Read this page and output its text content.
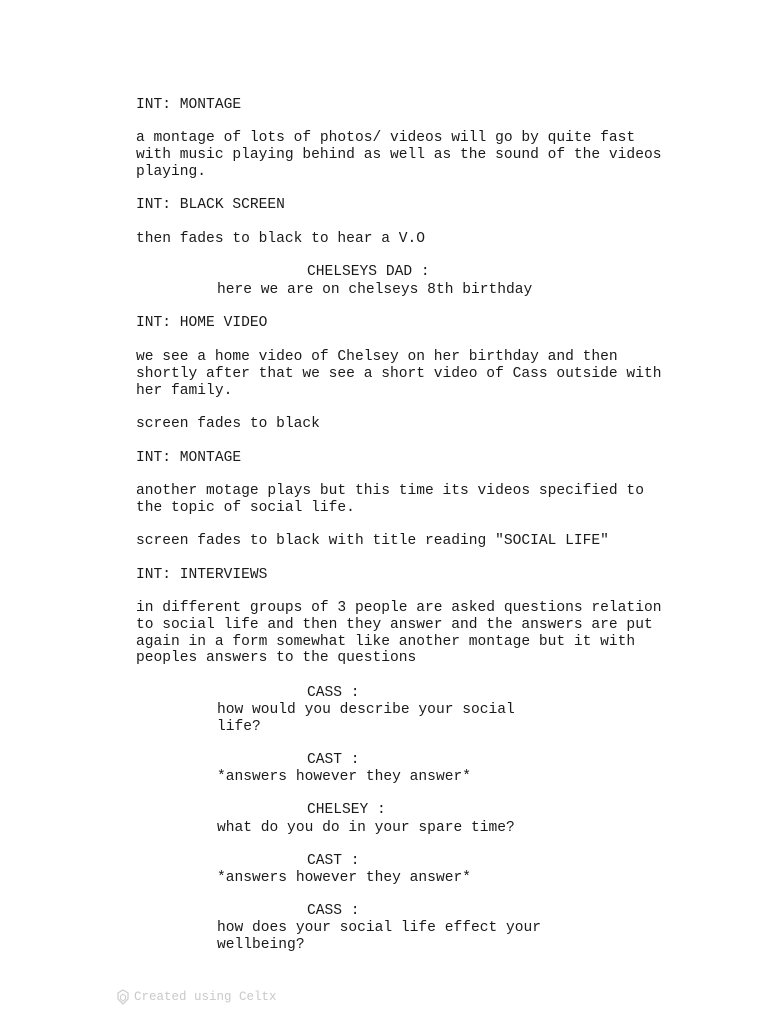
INT: MONTAGE

a montage of lots of photos/ videos will go by quite fast
with music playing behind as well as the sound of the videos
playing.

INT: BLACK SCREEN

then fades to black to hear a V.O

CHELSEYS DAD :

here we are on chelseys 8th birthday

INT: HOME VIDEO

we see a home video of Chelsey on her birthday and then
shortly after that we see a short video of Cass outside with
her family.

screen fades to black

INT: MONTAGE

another motage plays but this time its videos specified to
the topic of social life.

screen fades to black with title reading "SOCIAL LIFE"

INT: INTERVIEWS

in different groups of 3 people are asked questions relation
to social life and then they answer and the answers are put
again in a form somewhat like another montage but it with
peoples answers to the questions

CASS :

how would you describe your social
life?

CAST :

*answers however they answer*

CHELSEY :

what do you do in your spare time?

CAST :

*answers however they answer*

CASS :

how does your social life effect your
wellbeing?

Created using Celtx
